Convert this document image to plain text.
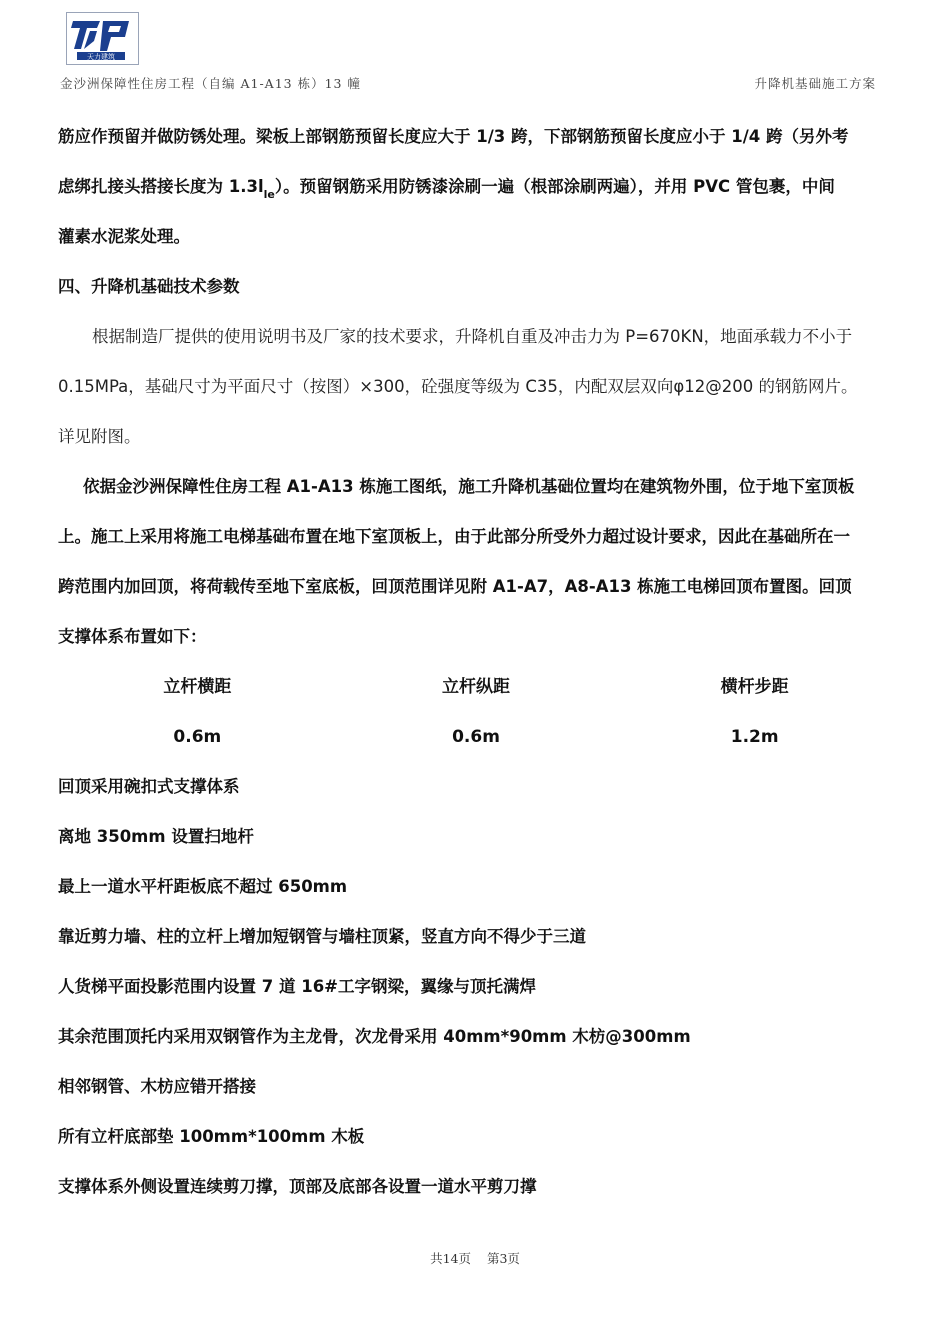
天力建筑
金沙洲保障性住房工程（自编 A1-A13 栋）13 幢	升降机基础施工方案
筋应作预留并做防锈处理。梁板上部钢筋预留长度应大于 1/3 跨，下部钢筋预留长度应小于 1/4 跨（另外考
虑绑扎接头搭接长度为 $1.3l_{le}$）。预留钢筋采用防锈漆涂刷一遍（根部涂刷两遍），并用 PVC 管包裹，中间
灌素水泥浆处理。
四、升降机基础技术参数
根据制造厂提供的使用说明书及厂家的技术要求，升降机自重及冲击力为 P=670KN，地面承载力不小于
0.15MPa，基础尺寸为平面尺寸（按图）×300，砼强度等级为 C35，内配双层双向φ12@200 的钢筋网片。
详见附图。
依据金沙洲保障性住房工程 A1-A13 栋施工图纸，施工升降机基础位置均在建筑物外围，位于地下室顶板
上。施工上采用将施工电梯基础布置在地下室顶板上，由于此部分所受外力超过设计要求，因此在基础所在一
跨范围内加回顶，将荷载传至地下室底板，回顶范围详见附 A1-A7，A8-A13 栋施工电梯回顶布置图。回顶
支撑体系布置如下：
立杆横距	立杆纵距	横杆步距
0.6m	0.6m	1.2m
回顶采用碗扣式支撑体系
离地 350mm 设置扫地杆
最上一道水平杆距板底不超过 650mm
靠近剪力墙、柱的立杆上增加短钢管与墙柱顶紧，竖直方向不得少于三道
人货梯平面投影范围内设置 7 道 16#工字钢梁，翼缘与顶托满焊
其余范围顶托内采用双钢管作为主龙骨，次龙骨采用 40mm*90mm 木枋@300mm
相邻钢管、木枋应错开搭接
所有立杆底部垫 100mm*100mm 木板
支撑体系外侧设置连续剪刀撑，顶部及底部各设置一道水平剪刀撑
共14页 第3页
